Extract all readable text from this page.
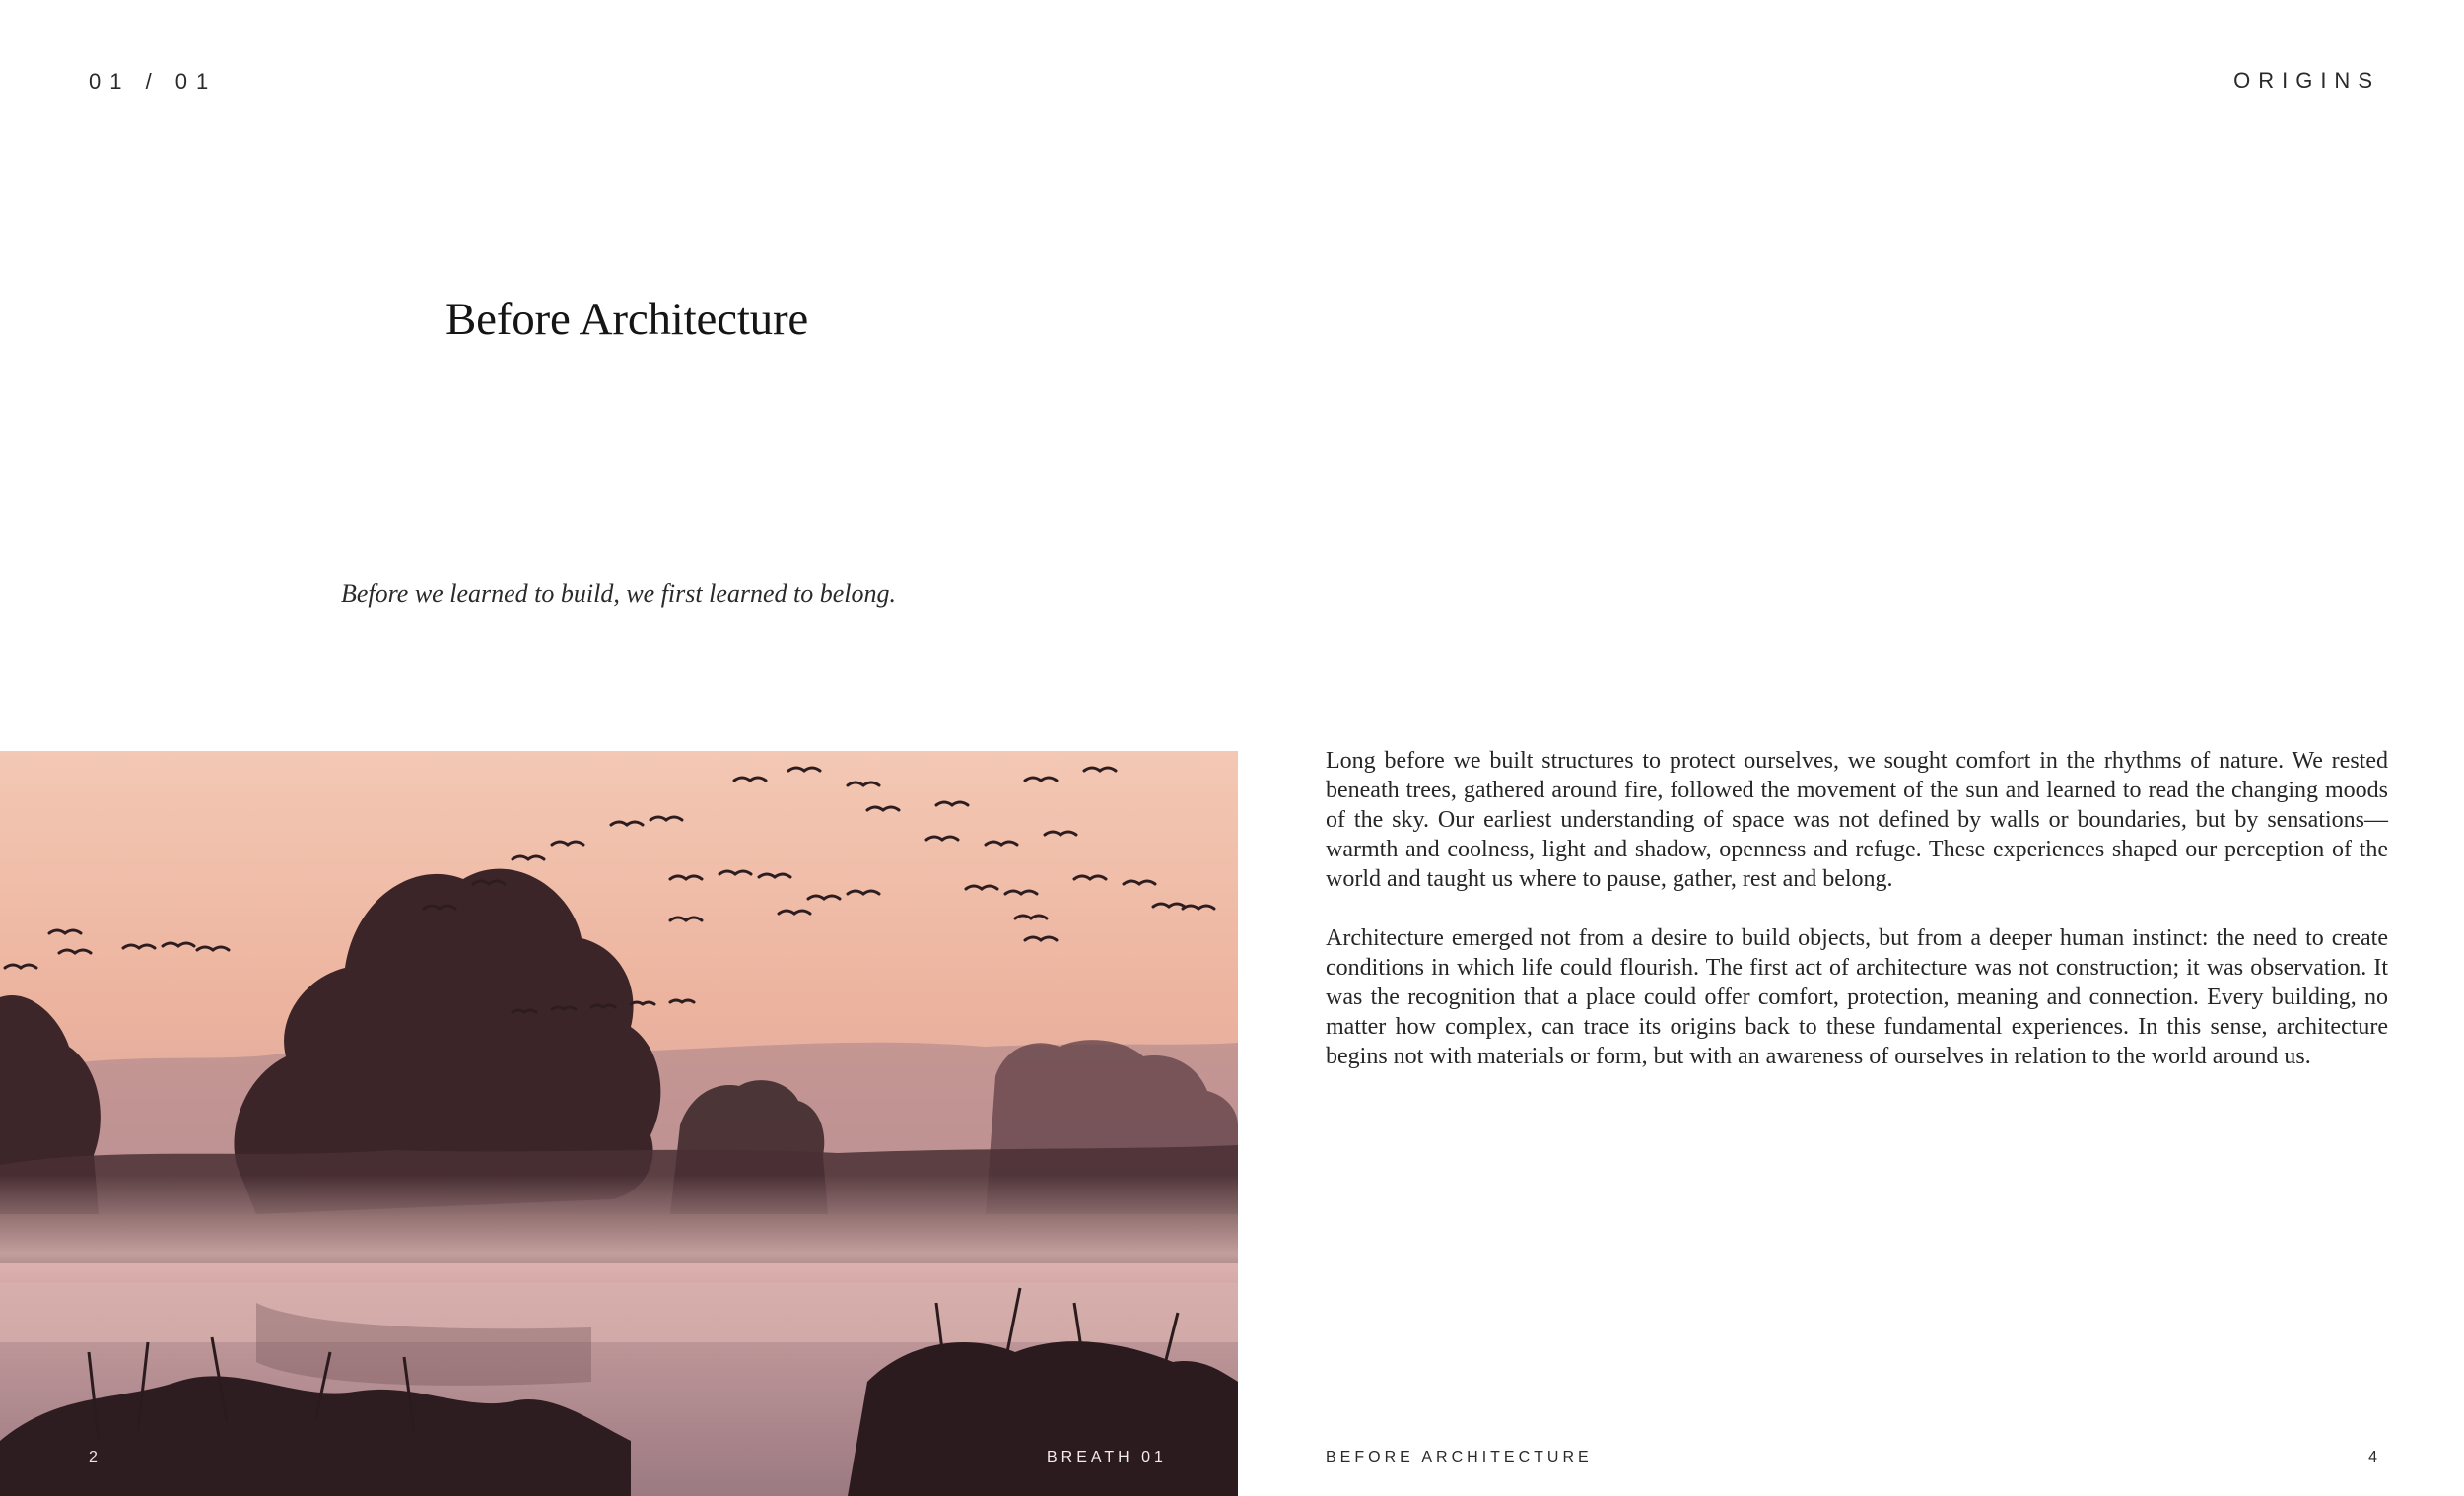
01 / 01	ORIGINS
Before Architecture

Before we learned to build, we first learned to belong.

2	BREATH 01

Long before we built structures to protect ourselves, we sought comfort in the rhythms of nature. We rested beneath trees, gathered around fire, followed the movement of the sun and learned to read the changing moods of the sky. Our earliest understanding of space was not defined by walls or boundaries, but by sensations—warmth and coolness, light and shadow, openness and refuge. These experiences shaped our perception of the world and taught us where to pause, gather, rest and belong.

Architecture emerged not from a desire to build objects, but from a deeper human instinct: the need to create conditions in which life could flourish. The first act of architecture was not construction; it was observation. It was the recognition that a place could offer comfort, protection, meaning and connection. Every building, no matter how complex, can trace its origins back to these fundamental experiences. In this sense, architecture begins not with materials or form, but with an awareness of ourselves in relation to the world around us.

BEFORE ARCHITECTURE	4
